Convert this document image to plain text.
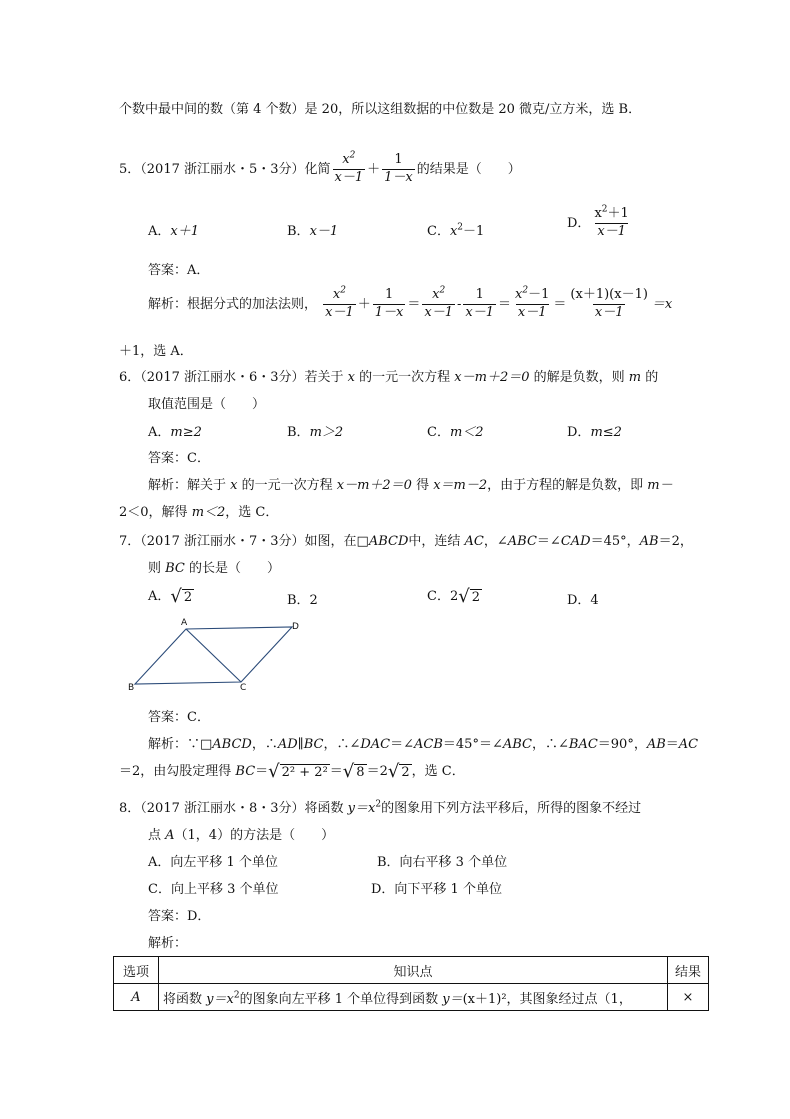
个数中最中间的数（第 4 个数）是 20，所以这组数据的中位数是 20 微克/立方米，选 B．
5．（2017 浙江丽水・5・3分）化简 $\frac{x^2}{x-1} + \frac{1}{1-x}$ 的结果是（　　）
A．x＋1	B．x－1	C．$x^2-1$
D． $\frac{x^2+1}{x-1}$
答案：A．
解析：根据分式的加法法则， $\frac{x^2}{x-1} + \frac{1}{1-x} = \frac{x^2}{x-1} - \frac{1}{x-1} = \frac{x^2-1}{x-1} = \frac{(x+1)(x-1)}{x-1} =x$
＋1，选 A．
6．（2017 浙江丽水・6・3分）若关于 x 的一元一次方程 x－m＋2＝0 的解是负数，则 m 的
取值范围是（　　）
A．m≥2	B．m＞2	C．m＜2	D．m≤2
答案：C．
解析：解关于 x 的一元一次方程 x－m＋2＝0 得 x＝m－2，由于方程的解是负数，即 m－
2＜0，解得 m＜2，选 C．
7．（2017 浙江丽水・7・3分）如图，在□ABCD中，连结 AC，∠ABC＝∠CAD＝45°，AB＝2，
则 BC 的长是（　　）
A． √ 2	B．2	C．2 √ 2	D．4
A
B	C
D
答案：C．
解析：∵□ABCD，∴AD∥BC，∴∠DAC＝∠ACB＝45°＝∠ABC，∴∠BAC＝90°，AB＝AC
＝2，由勾股定理得 BC＝ √ 2² + 2² ＝ √ 8 ＝2 √ 2 ，选 C．
8．（2017 浙江丽水・8・3分）将函数 $y=x^2$的图象用下列方法平移后，所得的图象不经过
点 A（1，4）的方法是（　　）
A．向左平移 1 个单位	B．向右平移 3 个单位
C．向上平移 3 个单位	D．向下平移 1 个单位
答案：D．
解析：
选项	知识点	结果
A	将函数 $y=x^2$的图象向左平移 1 个单位得到函数 y＝(x＋1)²，其图象经过点（1，	×
